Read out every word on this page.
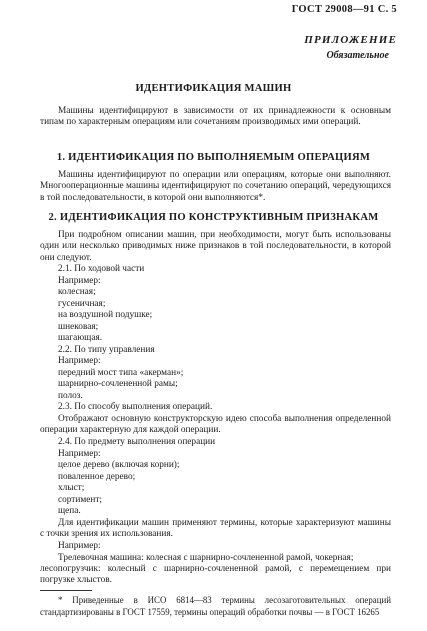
ГОСТ 29008—91 С. 5
ПРИЛОЖЕНИЕ
Обязательное
ИДЕНТИФИКАЦИЯ МАШИН
Машины идентифицируют в зависимости от их принадлежности к основным типам по характерным операциям или сочетаниям производимых ими операций.
1. ИДЕНТИФИКАЦИЯ ПО ВЫПОЛНЯЕМЫМ ОПЕРАЦИЯМ
Машины идентифицируют по операции или операциям, которые они выполняют. Многооперационные машины идентифицируют по сочетанию операций, чередующихся в той последовательности, в которой они выполняются*.
2. ИДЕНТИФИКАЦИЯ ПО КОНСТРУКТИВНЫМ ПРИЗНАКАМ
При подробном описании машин, при необходимости, могут быть использованы один или несколько приводимых ниже признаков в той последовательности, в которой они следуют.
2.1. По ходовой части
Например:
колесная;
гусеничная;
на воздушной подушке;
шнековая;
шагающая.
2.2. По типу управления
Например:
передний мост типа «акерман»;
шарнирно-сочлененной рамы;
полоз.
2.3. По способу выполнения операций.
Отображают основную конструкторскую идею способа выполнения определенной операции характерную для каждой операции.
2.4. По предмету выполнения операции
Например:
целое дерево (включая корни);
поваленное дерево;
хлыст;
сортимент;
щепа.
Для идентификации машин применяют термины, которые характеризуют машины с точки зрения их использования.
Например:
Трелевочная машина: колесная с шарнирно-сочлененной рамой, чокерная;
лесопогрузчик: колесный с шарнирно-сочлененной рамой, с перемещением при погрузке хлыстов.
* Приведенные в ИСО 6814—83 термины лесозаготовительных операций стандартизированы в ГОСТ 17559, термины операций обработки почвы — в ГОСТ 16265
